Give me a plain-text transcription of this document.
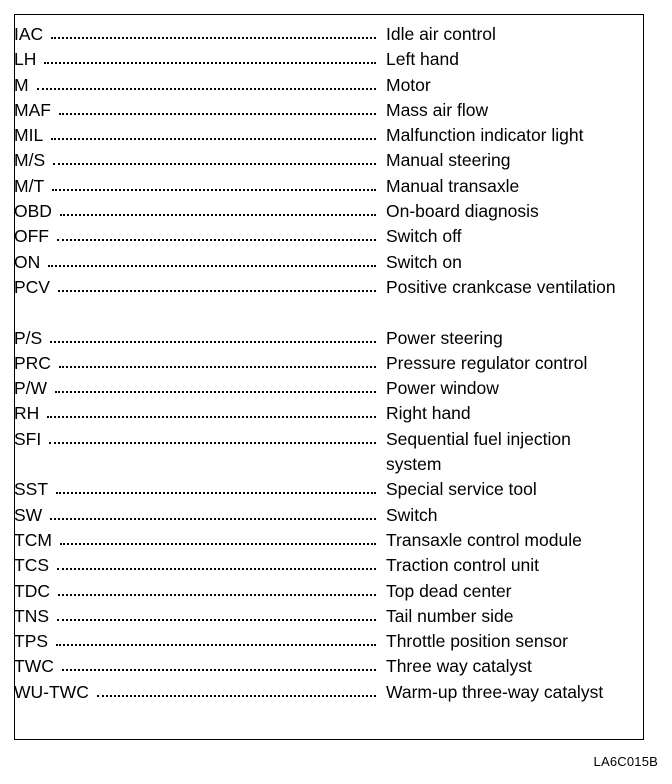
IAC	Idle air control
LH	Left hand
M	Motor
MAF	Mass air flow
MIL	Malfunction indicator light
M/S	Manual steering
M/T	Manual transaxle
OBD	On-board diagnosis
OFF	Switch off
ON	Switch on
PCV	Positive crankcase ventilation
P/S	Power steering
PRC	Pressure regulator control
P/W	Power window
RH	Right hand
SFI	Sequential fuel injection system
SST	Special service tool
SW	Switch
TCM	Transaxle control module
TCS	Traction control unit
TDC	Top dead center
TNS	Tail number side
TPS	Throttle position sensor
TWC	Three way catalyst
WU-TWC	Warm-up three-way catalyst
LA6C015B
